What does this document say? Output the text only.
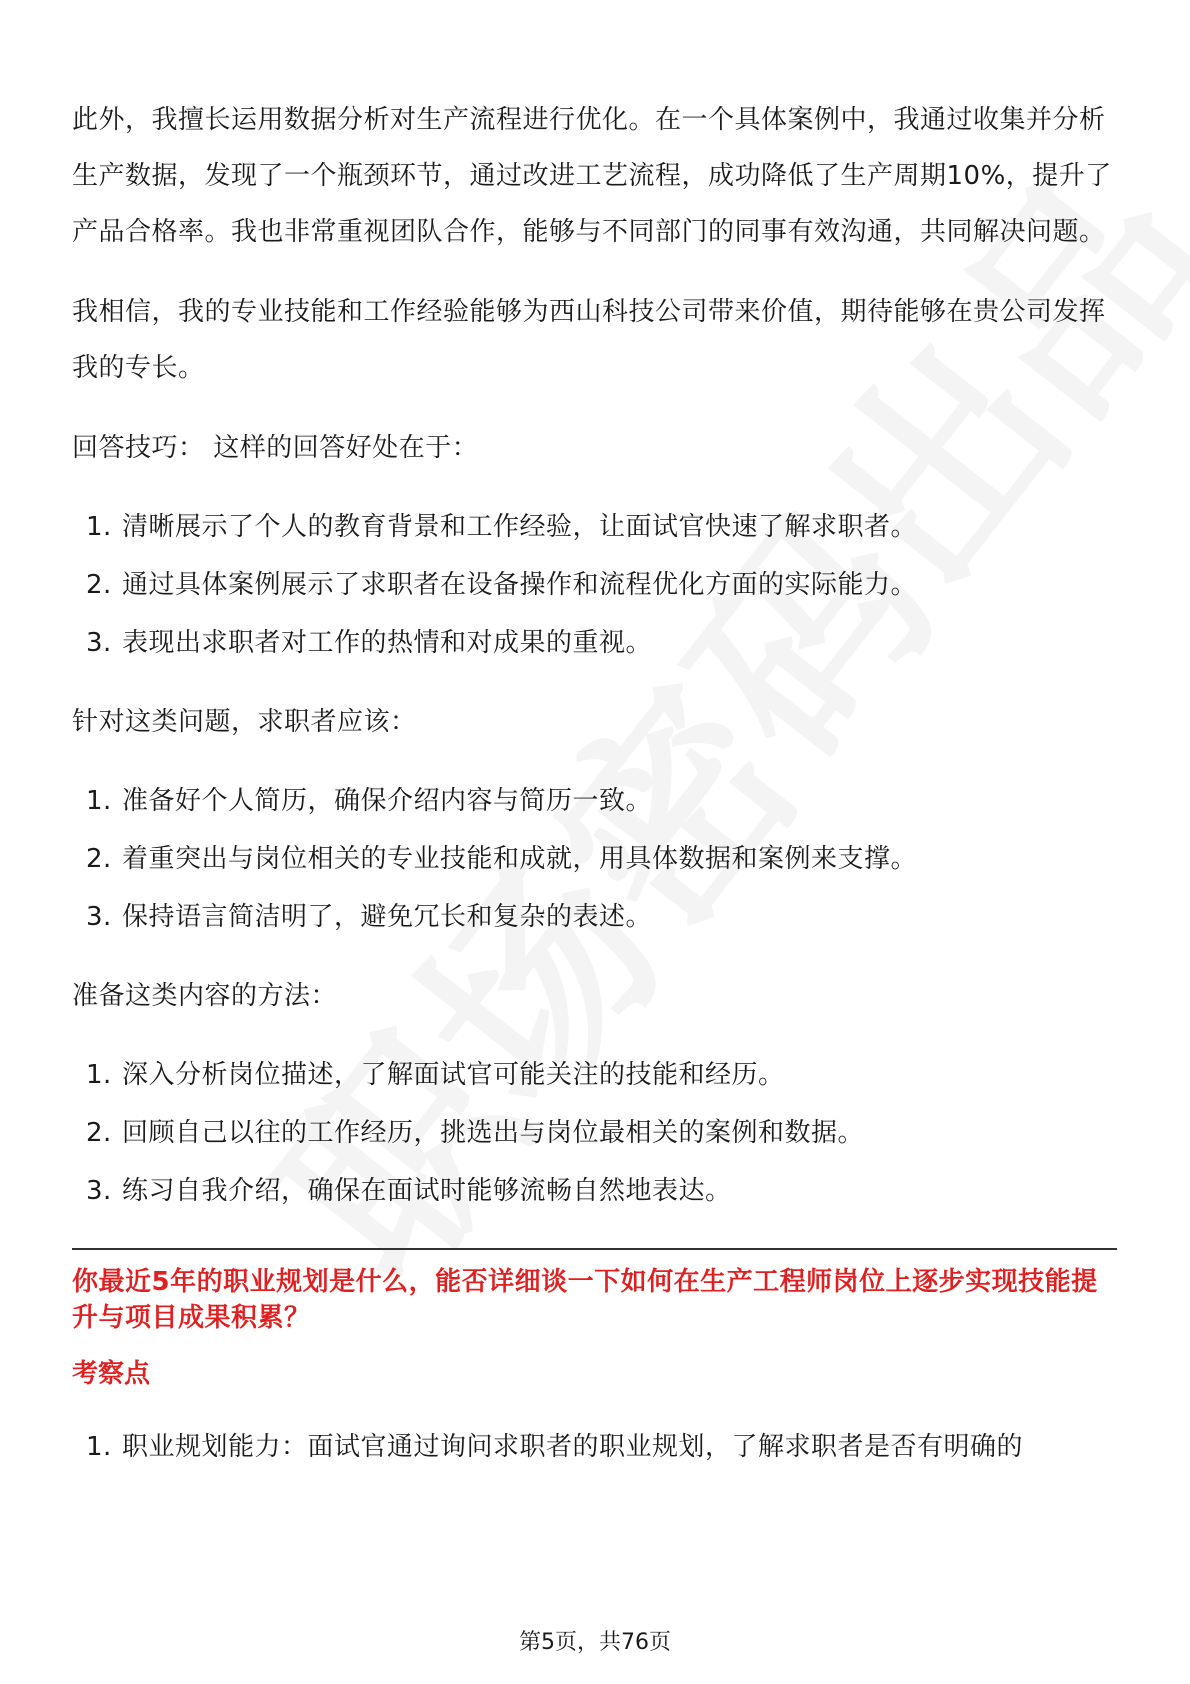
此外，我擅长运用数据分析对生产流程进行优化。在一个具体案例中，我通过收集并分析生产数据，发现了一个瓶颈环节，通过改进工艺流程，成功降低了生产周期10%，提升了产品合格率。我也非常重视团队合作，能够与不同部门的同事有效沟通，共同解决问题。

我相信，我的专业技能和工作经验能够为西山科技公司带来价值，期待能够在贵公司发挥我的专长。

回答技巧： 这样的回答好处在于：

1. 清晰展示了个人的教育背景和工作经验，让面试官快速了解求职者。
2. 通过具体案例展示了求职者在设备操作和流程优化方面的实际能力。
3. 表现出求职者对工作的热情和对成果的重视。

针对这类问题，求职者应该：

1. 准备好个人简历，确保介绍内容与简历一致。
2. 着重突出与岗位相关的专业技能和成就，用具体数据和案例来支撑。
3. 保持语言简洁明了，避免冗长和复杂的表述。

准备这类内容的方法：

1. 深入分析岗位描述，了解面试官可能关注的技能和经历。
2. 回顾自己以往的工作经历，挑选出与岗位最相关的案例和数据。
3. 练习自我介绍，确保在面试时能够流畅自然地表达。

你最近5年的职业规划是什么，能否详细谈一下如何在生产工程师岗位上逐步实现技能提升与项目成果积累？

考察点

1. 职业规划能力：面试官通过询问求职者的职业规划，了解求职者是否有明确的
第5页，共76页
